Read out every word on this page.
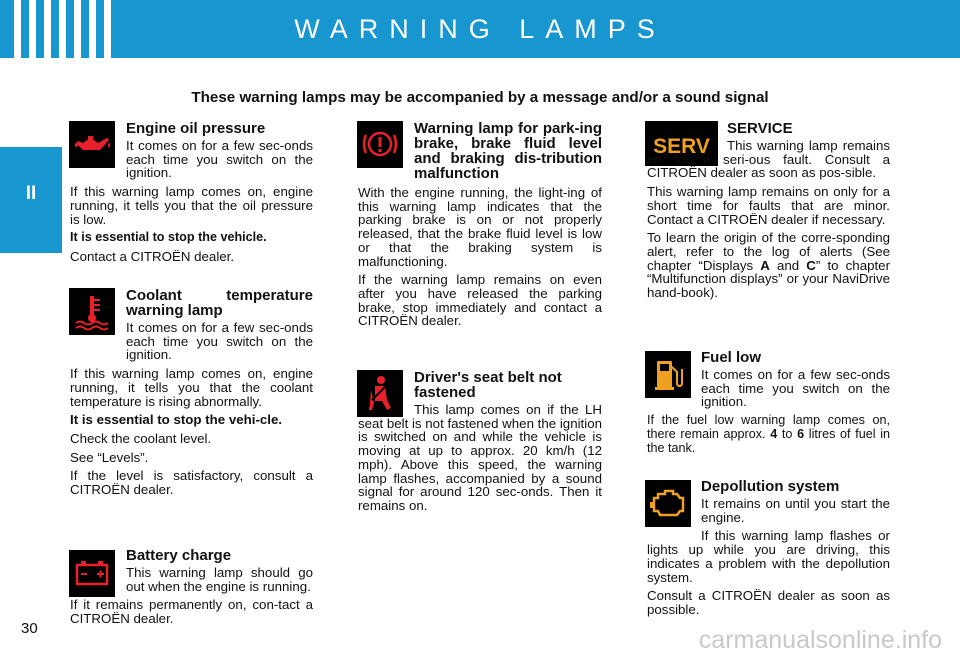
WARNING LAMPS
II
These warning lamps may be accompanied by a message and/or a sound signal
Engine oil pressure
It comes on for a few sec-onds each time you switch on the ignition.
If this warning lamp comes on, engine running, it tells you that the oil pressure is low.
It is essential to stop the vehicle.
Contact a CITROËN dealer.
Coolant temperature warning lamp
It comes on for a few sec-onds each time you switch on the ignition.
If this warning lamp comes on, engine running, it tells you that the coolant temperature is rising abnormally.
It is essential to stop the vehi-cle.
Check the coolant level.
See “Levels”.
If the level is satisfactory, consult a CITROËN dealer.
Battery charge
This warning lamp should go out when the engine is running.
If it remains permanently on, con-tact a CITROËN dealer.
Warning lamp for park-ing brake, brake fluid level and braking dis-tribution malfunction
With the engine running, the light-ing of this warning lamp indicates that the parking brake is on or not properly released, that the brake fluid level is low or that the braking system is malfunctioning.
If the warning lamp remains on even after you have released the parking brake, stop immediately and contact a CITROËN dealer.
Driver's seat belt not fastened
This lamp comes on if the LH seat belt is not fastened when the ignition is switched on and while the vehicle is moving at up to approx. 20 km/h (12 mph). Above this speed, the warning lamp flashes, accompanied by a sound signal for around 120 sec-onds. Then it remains on.
SERV
SERVICE
This warning lamp remains on for a seri-ous fault. Consult a CITROËN dealer as soon as pos-sible.
This warning lamp remains on only for a short time for faults that are minor. Contact a CITROËN dealer if necessary.
To learn the origin of the corre-sponding alert, refer to the log of alerts (See chapter “Displays A and C” to chapter “Multifunction displays” or your NaviDrive hand-book).
Fuel low
It comes on for a few sec-onds each time you switch on the ignition.
If the fuel low warning lamp comes on, there remain approx. 4 to 6 litres of fuel in the tank.
Depollution system
It remains on until you start the engine.
If this warning lamp flashes or lights up while you are driving, this indicates a problem with the depollution system.
Consult a CITROËN dealer as soon as possible.
30	carmanualsonline.info
